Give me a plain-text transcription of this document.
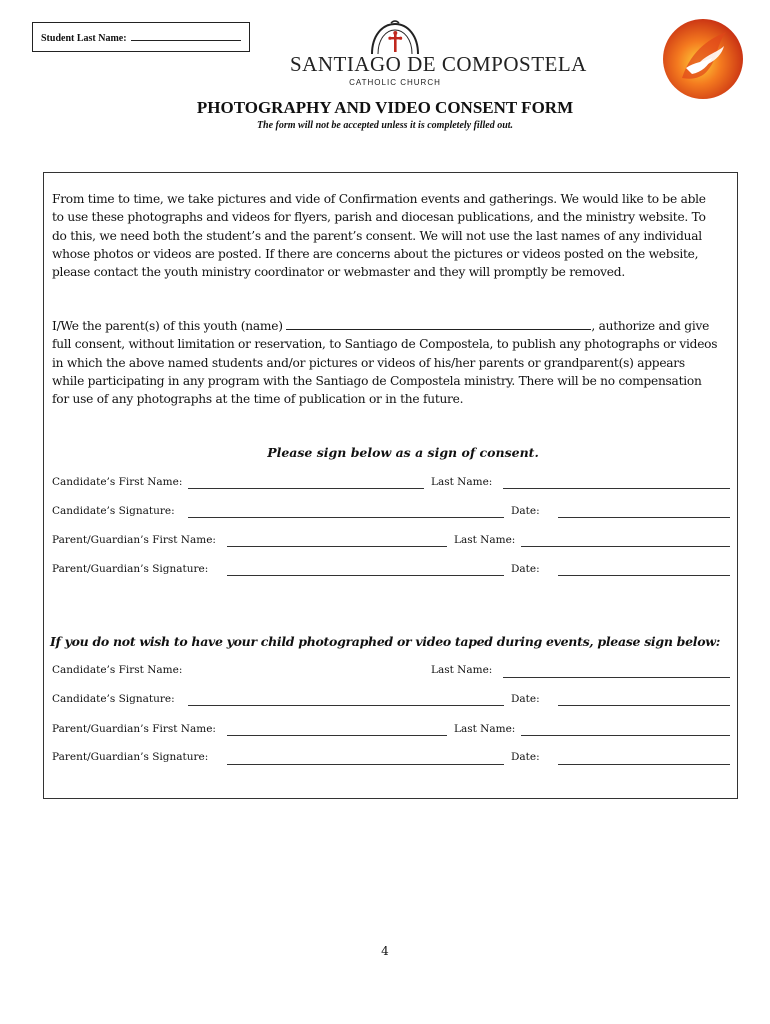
Student Last Name:
SANTIAGO DE COMPOSTELA
CATHOLIC CHURCH
PHOTOGRAPHY AND VIDEO CONSENT FORM
The form will not be accepted unless it is completely filled out.
From time to time, we take pictures and vide of Confirmation events and gatherings. We would like to be able to use these photographs and videos for flyers, parish and diocesan publications, and the ministry website. To do this, we need both the student’s and the parent’s consent. We will not use the last names of any individual whose photos or videos are posted. If there are concerns about the pictures or videos posted on the website, please contact the youth ministry coordinator or webmaster and they will promptly be removed.
I/We the parent(s) of this youth (name)	, authorize and give full consent, without limitation or reservation, to Santiago de Compostela, to publish any photographs or videos in which the above named students and/or pictures or videos of his/her parents or grandparent(s) appears while participating in any program with the Santiago de Compostela ministry. There will be no compensation for use of any photographs at the time of publication or in the future.
Please sign below as a sign of consent.
Candidate’s First Name:	Last Name:
Candidate’s Signature:	Date:
Parent/Guardian’s First Name:	Last Name:
Parent/Guardian’s Signature:	Date:
If you do not wish to have your child photographed or video taped during events, please sign below:
Candidate’s First Name:	Last Name:
Candidate’s Signature:	Date:
Parent/Guardian’s First Name:	Last Name:
Parent/Guardian’s Signature:	Date:
4
